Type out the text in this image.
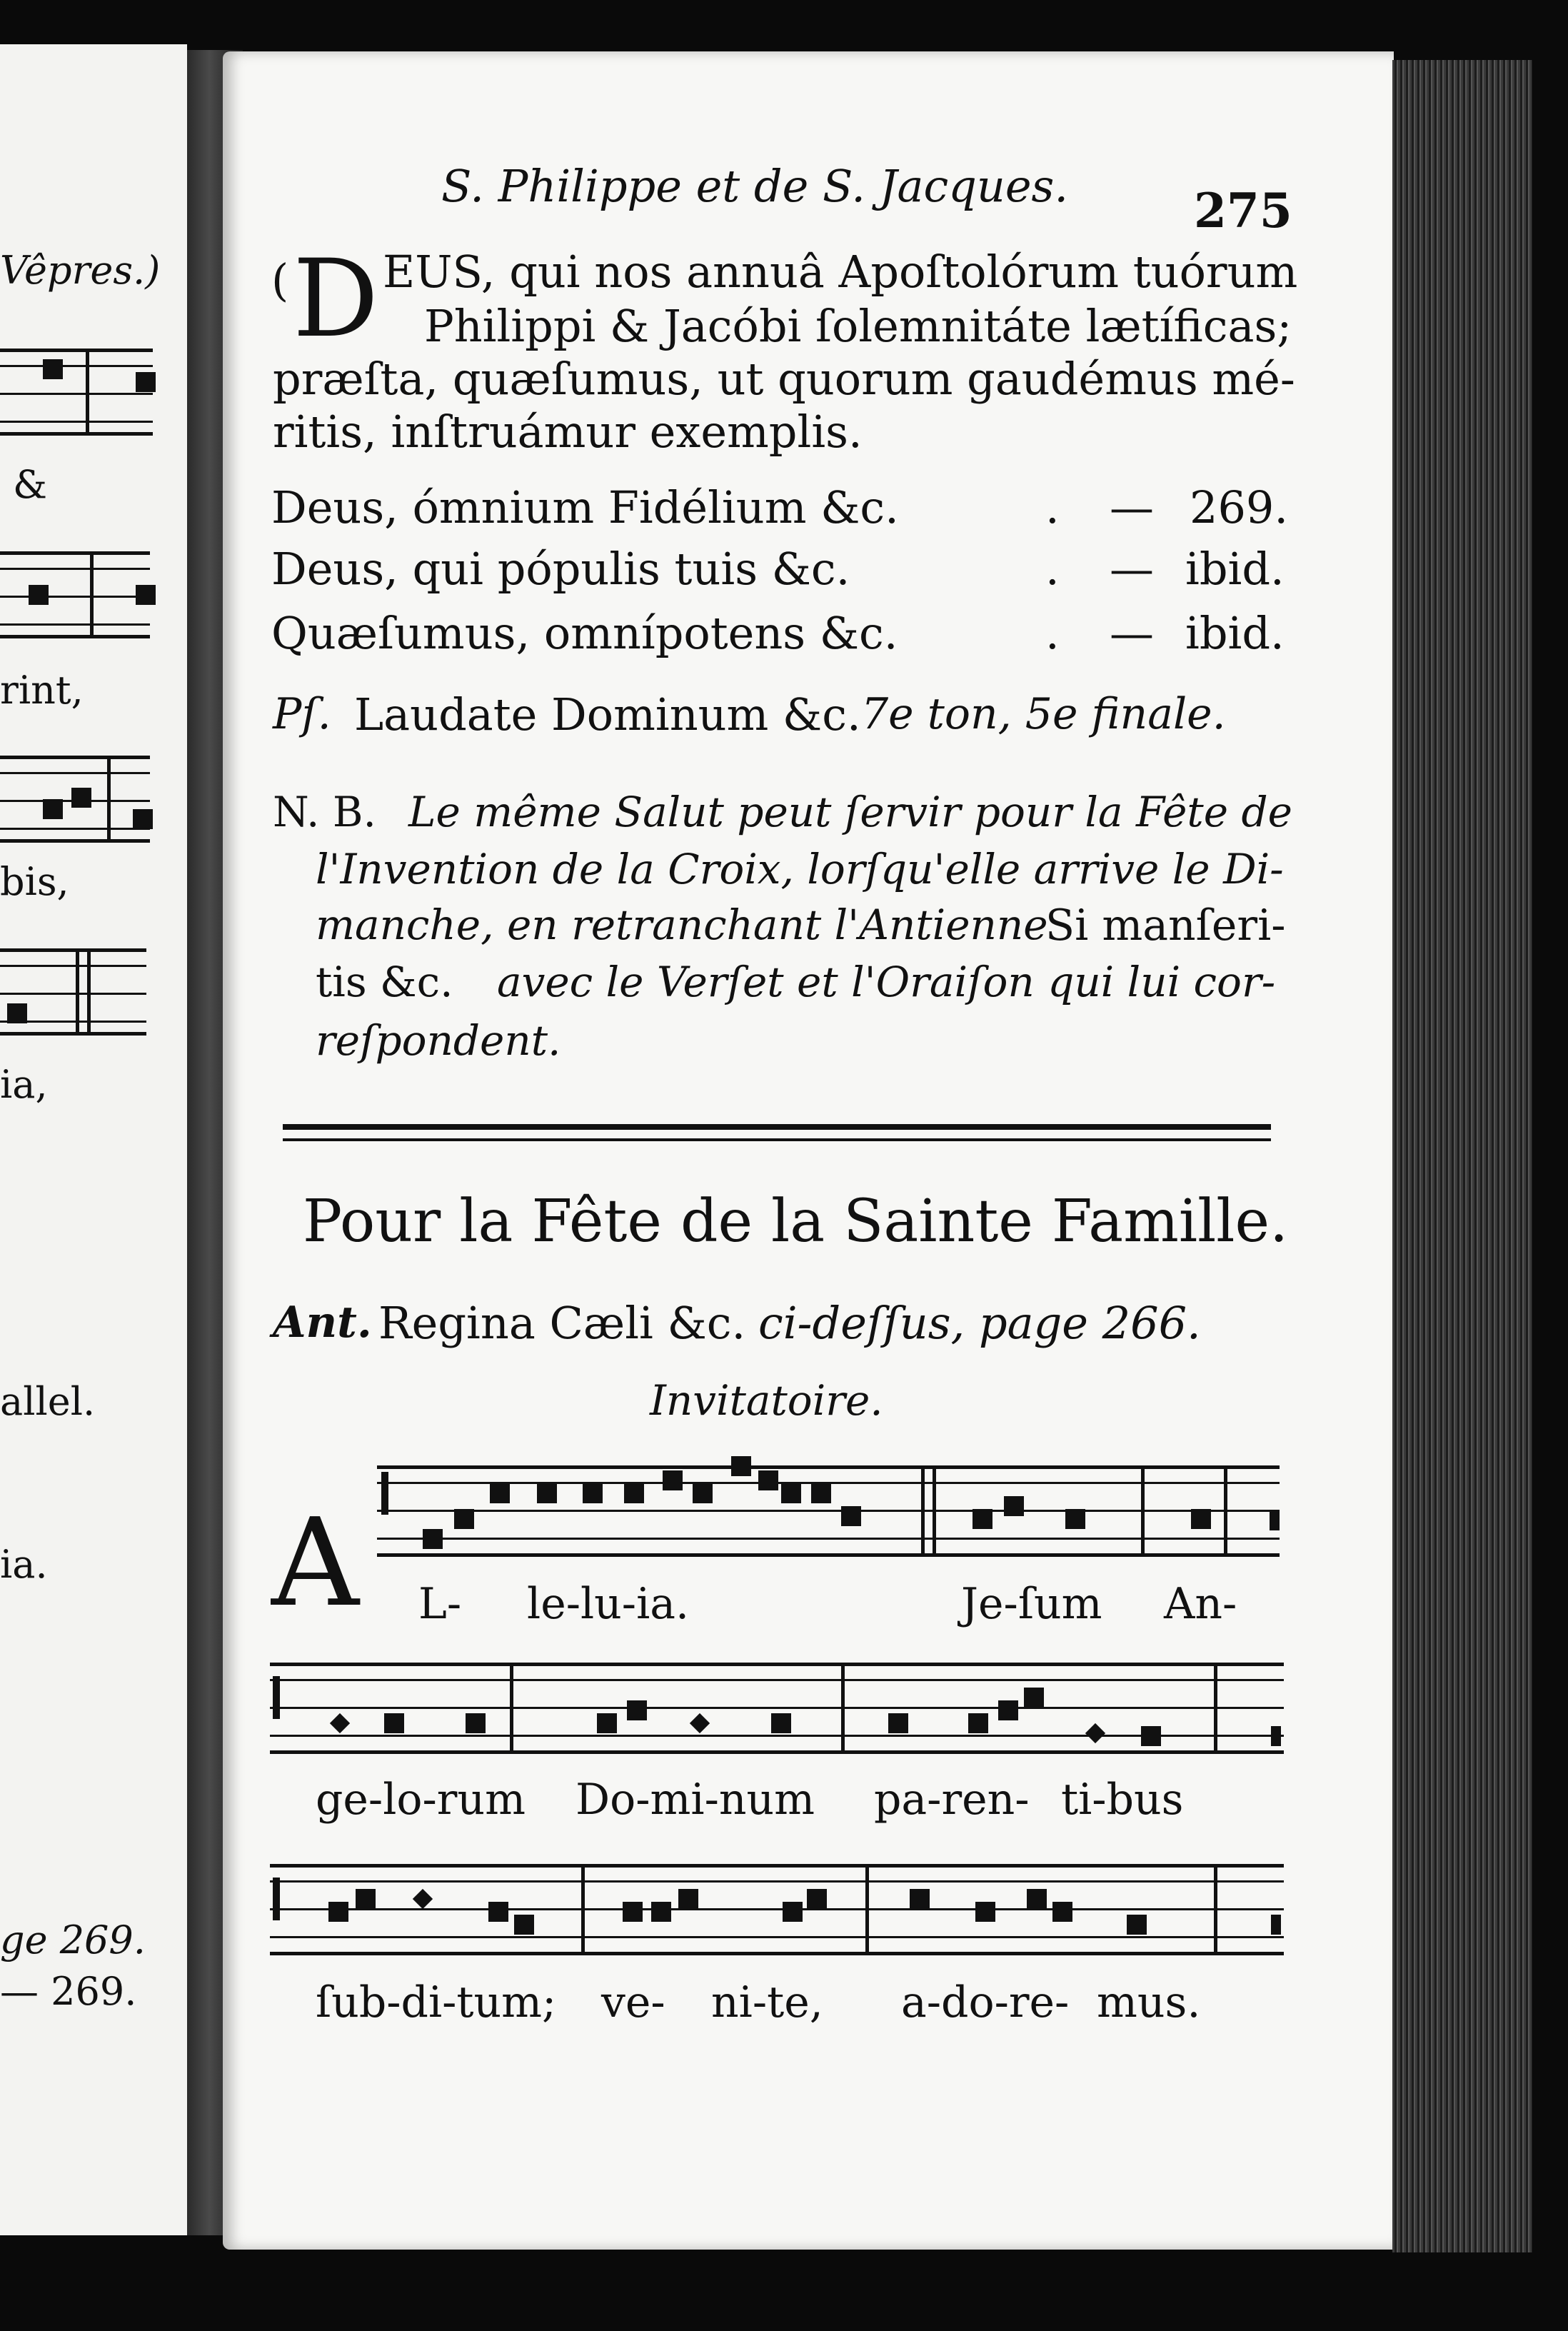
Vêpres.)
&
rint,
bis,
ia,
allel.
ia.
ge 269.
— 269.
S. Philippe et de S. Jacques.	275
( D EUS, qui nos annuâ Apoſtolórum tuórum
Philippi & Jacóbi ſolemnitáte lætíficas;
præſta, quæſumus, ut quorum gaudémus mé-
ritis, inſtruámur exemplis.
Deus, ómnium Fidélium &c.	. — 269.
Deus, qui pópulis tuis &c.	. — ibid.
Quæſumus, omnípotens &c.	. — ibid.
Pſ. Laudate Dominum &c. 7e ton, 5e finale.
N. B. Le même Salut peut ſervir pour la Fête de
l'Invention de la Croix, lorſqu'elle arrive le Di-
manche, en retranchant l'Antienne
Si manſeri-
tis &c. avec le Verſet et l'Oraiſon qui lui cor-
reſpondent.
Pour la Fête de la Sainte Famille.
Ant. Regina Cæli &c. ci-deſſus, page 266.
Invitatoire.
A L- le-lu-ia.	Je-ſum An-
ge-lo-rum Do-mi-num pa-ren- ti-bus
ſub-di-tum; ve- ni-te, a-do-re- mus.
